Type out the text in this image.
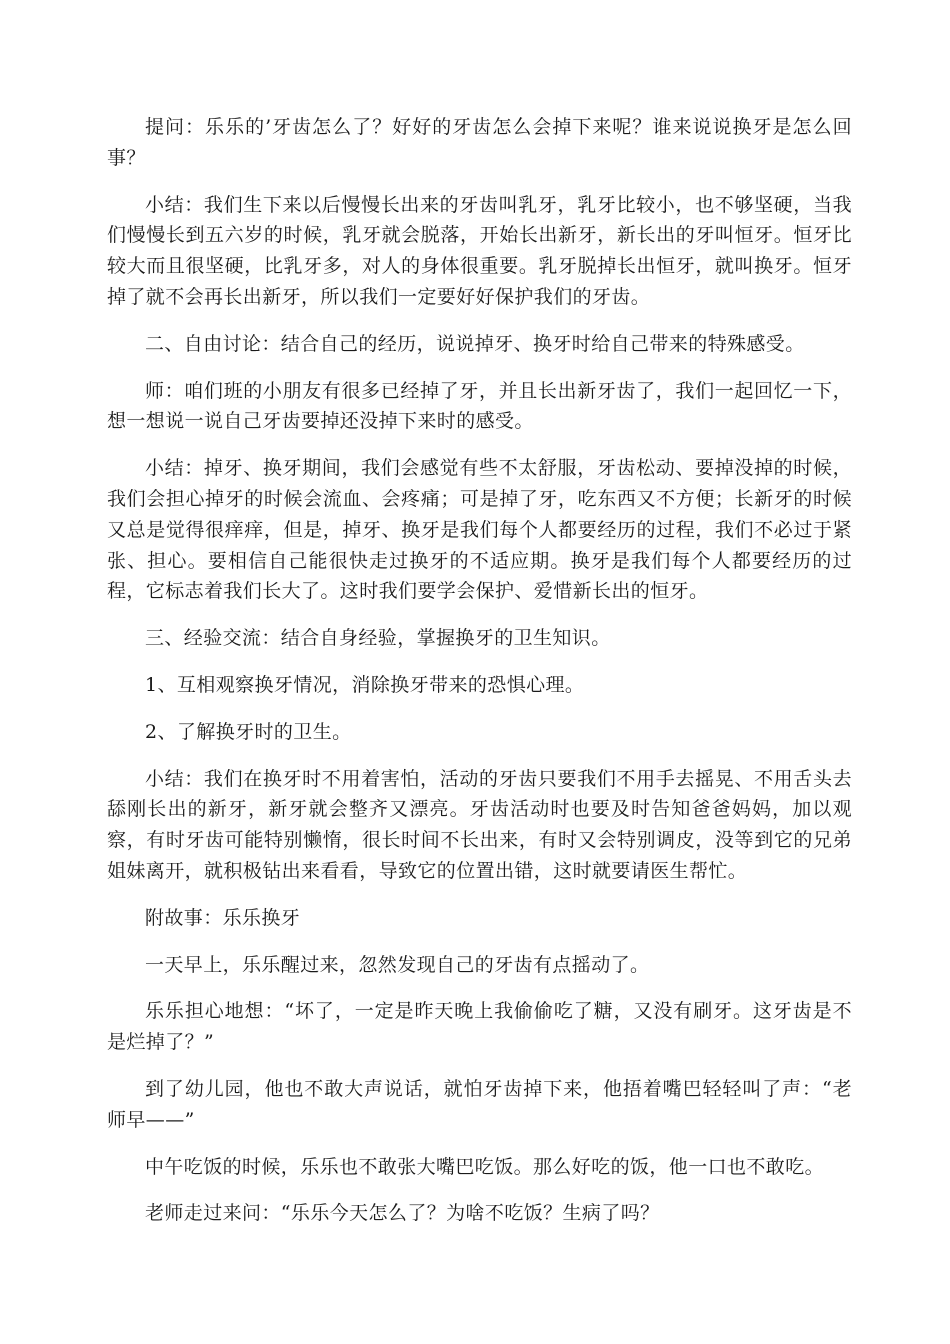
提问：乐乐的’牙齿怎么了？好好的牙齿怎么会掉下来呢？谁来说说换牙是怎么回事？

小结：我们生下来以后慢慢长出来的牙齿叫乳牙，乳牙比较小，也不够坚硬，当我们慢慢长到五六岁的时候，乳牙就会脱落，开始长出新牙，新长出的牙叫恒牙。恒牙比较大而且很坚硬，比乳牙多，对人的身体很重要。乳牙脱掉长出恒牙，就叫换牙。恒牙掉了就不会再长出新牙，所以我们一定要好好保护我们的牙齿。

二、自由讨论：结合自己的经历，说说掉牙、换牙时给自己带来的特殊感受。

师：咱们班的小朋友有很多已经掉了牙，并且长出新牙齿了，我们一起回忆一下，想一想说一说自己牙齿要掉还没掉下来时的感受。

小结：掉牙、换牙期间，我们会感觉有些不太舒服，牙齿松动、要掉没掉的时候，我们会担心掉牙的时候会流血、会疼痛；可是掉了牙，吃东西又不方便；长新牙的时候又总是觉得很痒痒，但是，掉牙、换牙是我们每个人都要经历的过程，我们不必过于紧张、担心。要相信自己能很快走过换牙的不适应期。换牙是我们每个人都要经历的过程，它标志着我们长大了。这时我们要学会保护、爱惜新长出的恒牙。

三、经验交流：结合自身经验，掌握换牙的卫生知识。

1、互相观察换牙情况，消除换牙带来的恐惧心理。

2、了解换牙时的卫生。

小结：我们在换牙时不用着害怕，活动的牙齿只要我们不用手去摇晃、不用舌头去舔刚长出的新牙，新牙就会整齐又漂亮。牙齿活动时也要及时告知爸爸妈妈，加以观察，有时牙齿可能特别懒惰，很长时间不长出来，有时又会特别调皮，没等到它的兄弟姐妹离开，就积极钻出来看看，导致它的位置出错，这时就要请医生帮忙。

附故事：乐乐换牙

一天早上，乐乐醒过来，忽然发现自己的牙齿有点摇动了。

乐乐担心地想：“坏了，一定是昨天晚上我偷偷吃了糖，又没有刷牙。这牙齿是不是烂掉了？”

到了幼儿园，他也不敢大声说话，就怕牙齿掉下来，他捂着嘴巴轻轻叫了声：“老师早——”

中午吃饭的时候，乐乐也不敢张大嘴巴吃饭。那么好吃的饭，他一口也不敢吃。

老师走过来问：“乐乐今天怎么了？为啥不吃饭？生病了吗？
